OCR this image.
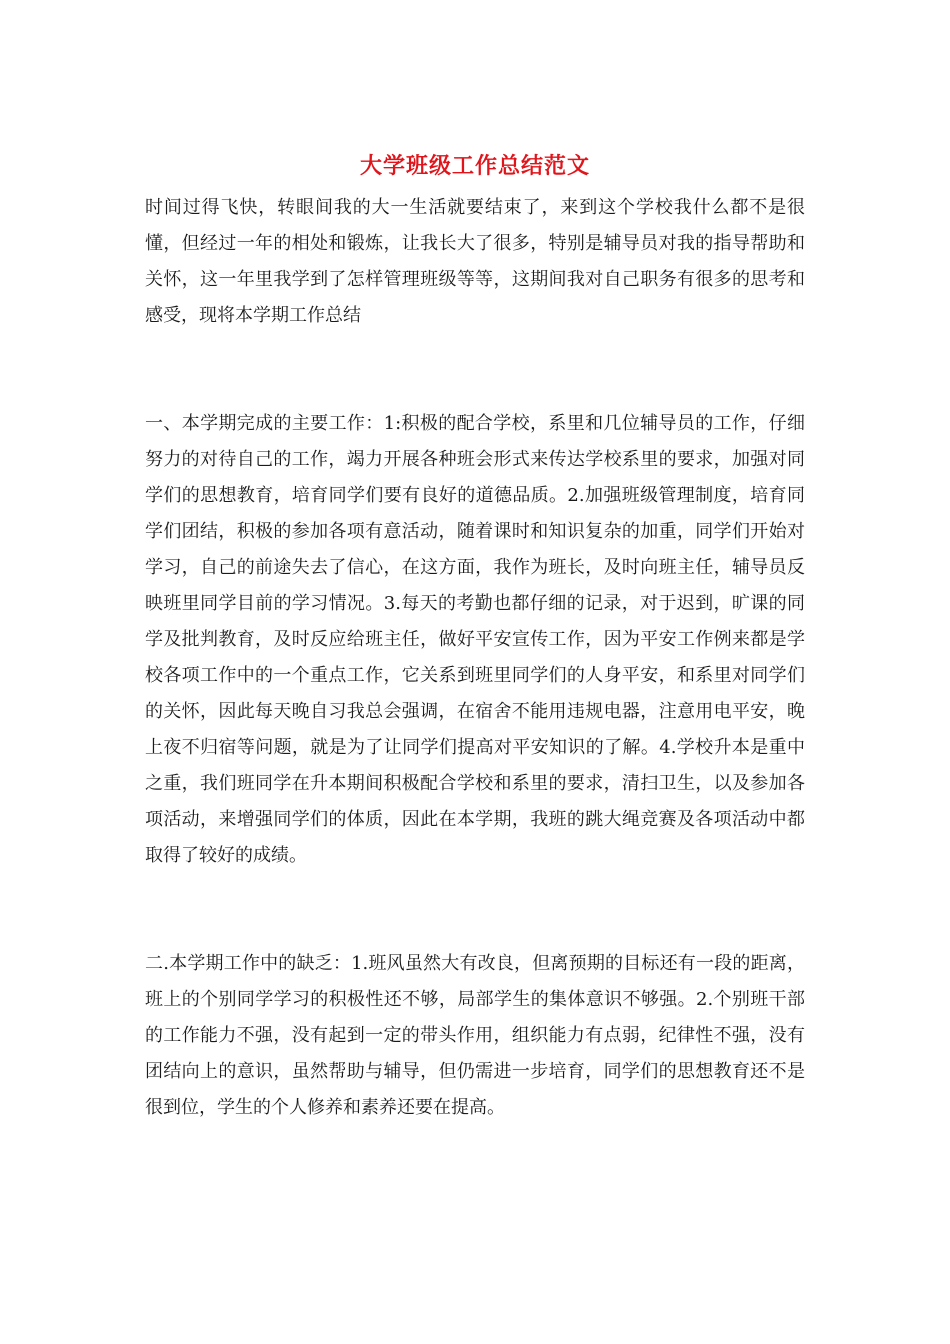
大学班级工作总结范文

时间过得飞快，转眼间我的大一生活就要结束了，来到这个学校我什么都不是很懂，但经过一年的相处和锻炼，让我长大了很多，特别是辅导员对我的指导帮助和关怀，这一年里我学到了怎样管理班级等等，这期间我对自己职务有很多的思考和感受，现将本学期工作总结

一、本学期完成的主要工作：1:积极的配合学校，系里和几位辅导员的工作，仔细努力的对待自己的工作，竭力开展各种班会形式来传达学校系里的要求，加强对同学们的思想教育，培育同学们要有良好的道德品质。2.加强班级管理制度，培育同学们团结，积极的参加各项有意活动，随着课时和知识复杂的加重，同学们开始对学习，自己的前途失去了信心，在这方面，我作为班长，及时向班主任，辅导员反映班里同学目前的学习情况。3.每天的考勤也都仔细的记录，对于迟到，旷课的同学及批判教育，及时反应给班主任，做好平安宣传工作，因为平安工作例来都是学校各项工作中的一个重点工作，它关系到班里同学们的人身平安，和系里对同学们的关怀，因此每天晚自习我总会强调，在宿舍不能用违规电器，注意用电平安，晚上夜不归宿等问题，就是为了让同学们提高对平安知识的了解。4.学校升本是重中之重，我们班同学在升本期间积极配合学校和系里的要求，清扫卫生，以及参加各项活动，来增强同学们的体质，因此在本学期，我班的跳大绳竞赛及各项活动中都取得了较好的成绩。

二.本学期工作中的缺乏：1.班风虽然大有改良，但离预期的目标还有一段的距离，班上的个别同学学习的积极性还不够，局部学生的集体意识不够强。2.个别班干部的工作能力不强，没有起到一定的带头作用，组织能力有点弱，纪律性不强，没有团结向上的意识，虽然帮助与辅导，但仍需进一步培育，同学们的思想教育还不是很到位，学生的个人修养和素养还要在提高。
